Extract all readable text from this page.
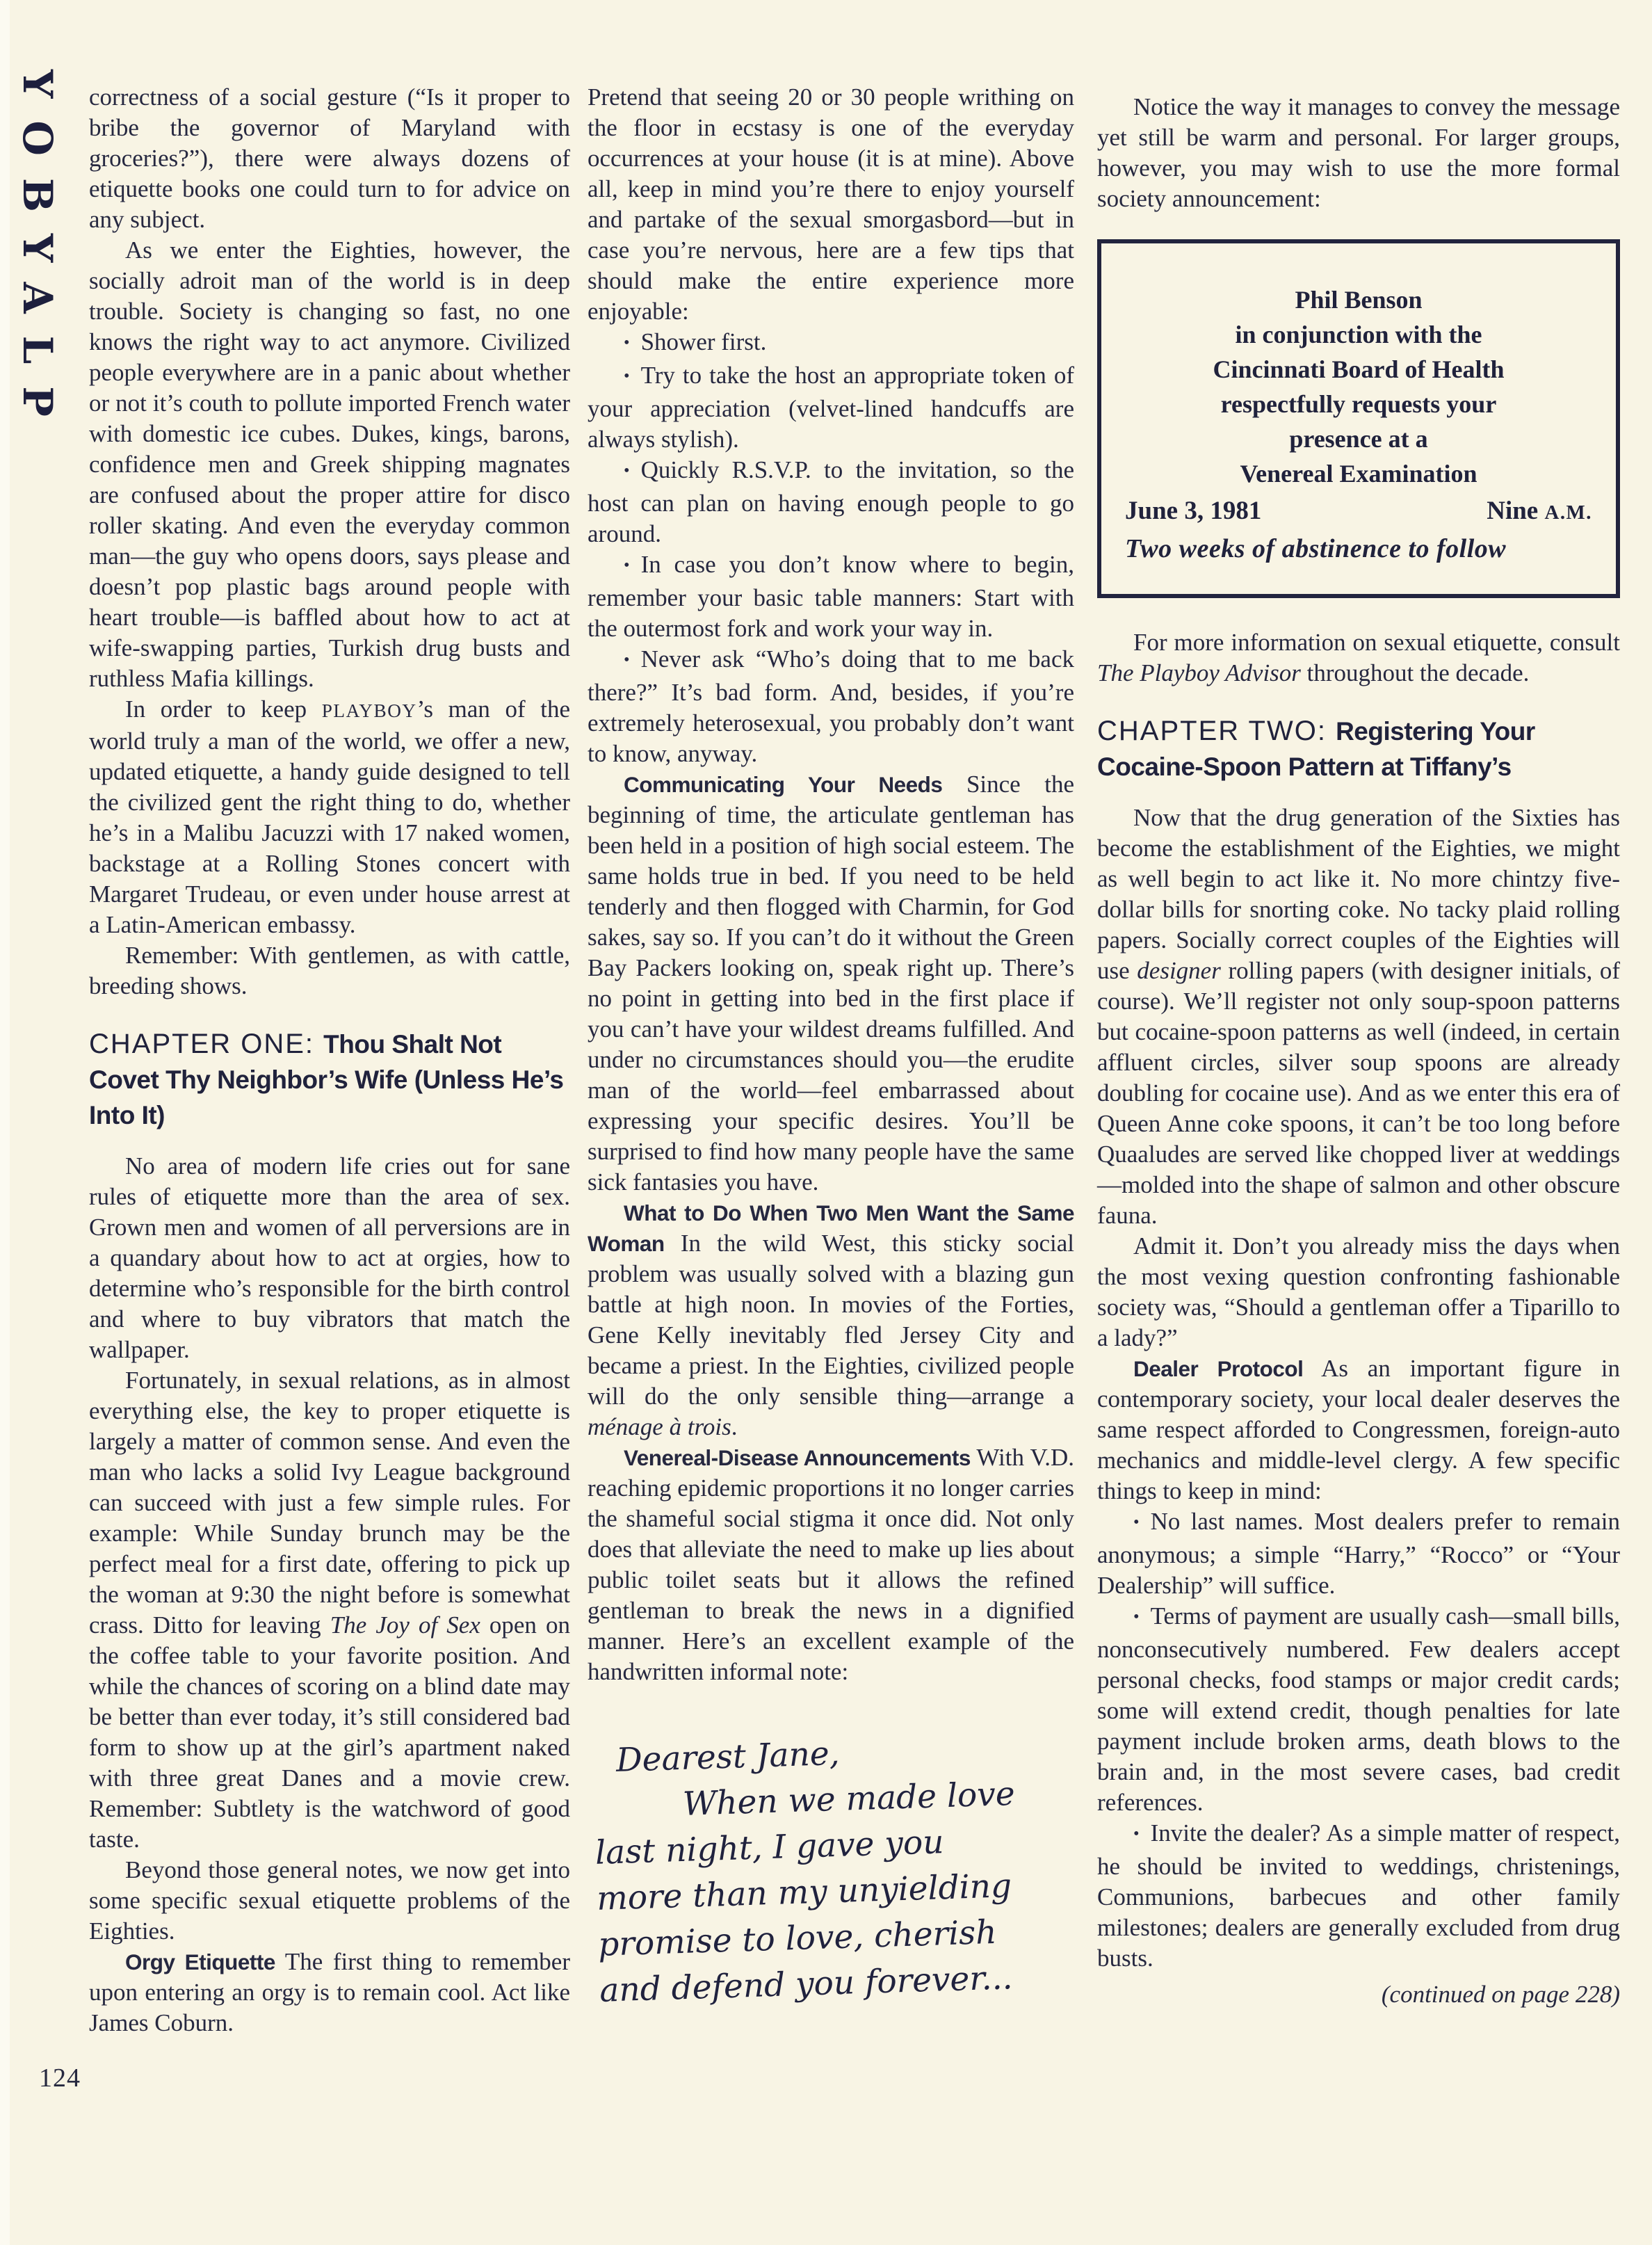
YOBYALP
124

correctness of a social gesture (“Is it proper to bribe the governor of Maryland with groceries?”), there were always dozens of etiquette books one could turn to for advice on any subject.

As we enter the Eighties, however, the socially adroit man of the world is in deep trouble. Society is changing so fast, no one knows the right way to act anymore. Civilized people everywhere are in a panic about whether or not it’s couth to pollute imported French water with domestic ice cubes. Dukes, kings, barons, confidence men and Greek shipping magnates are confused about the proper attire for disco roller skating. And even the everyday common man—the guy who opens doors, says please and doesn’t pop plastic bags around people with heart trouble—is baffled about how to act at wife-swapping parties, Turkish drug busts and ruthless Mafia killings.

In order to keep PLAYBOY’s man of the world truly a man of the world, we offer a new, updated etiquette, a handy guide designed to tell the civilized gent the right thing to do, whether he’s in a Malibu Jacuzzi with 17 naked women, backstage at a Rolling Stones concert with Margaret Trudeau, or even under house arrest at a Latin-American embassy.

Remember: With gentlemen, as with cattle, breeding shows.

CHAPTER ONE: Thou Shalt Not Covet Thy Neighbor’s Wife (Unless He’s Into It)

No area of modern life cries out for sane rules of etiquette more than the area of sex. Grown men and women of all perversions are in a quandary about how to act at orgies, how to determine who’s responsible for the birth control and where to buy vibrators that match the wallpaper.

Fortunately, in sexual relations, as in almost everything else, the key to proper etiquette is largely a matter of common sense. And even the man who lacks a solid Ivy League background can succeed with just a few simple rules. For example: While Sunday brunch may be the perfect meal for a first date, offering to pick up the woman at 9:30 the night before is somewhat crass. Ditto for leaving The Joy of Sex open on the coffee table to your favorite position. And while the chances of scoring on a blind date may be better than ever today, it’s still considered bad form to show up at the girl’s apartment naked with three great Danes and a movie crew. Remember: Subtlety is the watchword of good taste.

Beyond those general notes, we now get into some specific sexual etiquette problems of the Eighties.

Orgy Etiquette The first thing to remember upon entering an orgy is to remain cool. Act like James Coburn.

Pretend that seeing 20 or 30 people writhing on the floor in ecstasy is one of the everyday occurrences at your house (it is at mine). Above all, keep in mind you’re there to enjoy yourself and partake of the sexual smorgasbord—but in case you’re nervous, here are a few tips that should make the entire experience more enjoyable:

• Shower first.

• Try to take the host an appropriate token of your appreciation (velvet-lined handcuffs are always stylish).

• Quickly R.S.V.P. to the invitation, so the host can plan on having enough people to go around.

• In case you don’t know where to begin, remember your basic table manners: Start with the outermost fork and work your way in.

• Never ask “Who’s doing that to me back there?” It’s bad form. And, besides, if you’re extremely heterosexual, you probably don’t want to know, anyway.

Communicating Your Needs Since the beginning of time, the articulate gentleman has been held in a position of high social esteem. The same holds true in bed. If you need to be held tenderly and then flogged with Charmin, for God sakes, say so. If you can’t do it without the Green Bay Packers looking on, speak right up. There’s no point in getting into bed in the first place if you can’t have your wildest dreams fulfilled. And under no circumstances should you—the erudite man of the world—feel embarrassed about expressing your specific desires. You’ll be surprised to find how many people have the same sick fantasies you have.

What to Do When Two Men Want the Same Woman In the wild West, this sticky social problem was usually solved with a blazing gun battle at high noon. In movies of the Forties, Gene Kelly inevitably fled Jersey City and became a priest. In the Eighties, civilized people will do the only sensible thing—arrange a ménage à trois.

Venereal-Disease Announcements With V.D. reaching epidemic proportions it no longer carries the shameful social stigma it once did. Not only does that alleviate the need to make up lies about public toilet seats but it allows the refined gentleman to break the news in a dignified manner. Here’s an excellent example of the handwritten informal note:

Dearest Jane,
When we made love
last night, I gave you
more than my unyielding
promise to love, cherish
and defend you forever...

Notice the way it manages to convey the message yet still be warm and personal. For larger groups, however, you may wish to use the more formal society announcement:

Phil Benson
in conjunction with the
Cincinnati Board of Health
respectfully requests your
presence at a
Venereal Examination
June 3, 1981	Nine A.M.
Two weeks of abstinence to follow

For more information on sexual etiquette, consult The Playboy Advisor throughout the decade.

CHAPTER TWO: Registering Your Cocaine-Spoon Pattern at Tiffany’s

Now that the drug generation of the Sixties has become the establishment of the Eighties, we might as well begin to act like it. No more chintzy five-dollar bills for snorting coke. No tacky plaid rolling papers. Socially correct couples of the Eighties will use designer rolling papers (with designer initials, of course). We’ll register not only soup-spoon patterns but cocaine-spoon patterns as well (indeed, in certain affluent circles, silver soup spoons are already doubling for cocaine use). And as we enter this era of Queen Anne coke spoons, it can’t be too long before Quaaludes are served like chopped liver at weddings—molded into the shape of salmon and other obscure fauna.

Admit it. Don’t you already miss the days when the most vexing question confronting fashionable society was, “Should a gentleman offer a Tiparillo to a lady?”

Dealer Protocol As an important figure in contemporary society, your local dealer deserves the same respect afforded to Congressmen, foreign-auto mechanics and middle-level clergy. A few specific things to keep in mind:

• No last names. Most dealers prefer to remain anonymous; a simple “Harry,” “Rocco” or “Your Dealership” will suffice.

• Terms of payment are usually cash—small bills, nonconsecutively numbered. Few dealers accept personal checks, food stamps or major credit cards; some will extend credit, though penalties for late payment include broken arms, death blows to the brain and, in the most severe cases, bad credit references.

• Invite the dealer? As a simple matter of respect, he should be invited to weddings, christenings, Communions, barbecues and other family milestones; dealers are generally excluded from drug busts.

(continued on page 228)
